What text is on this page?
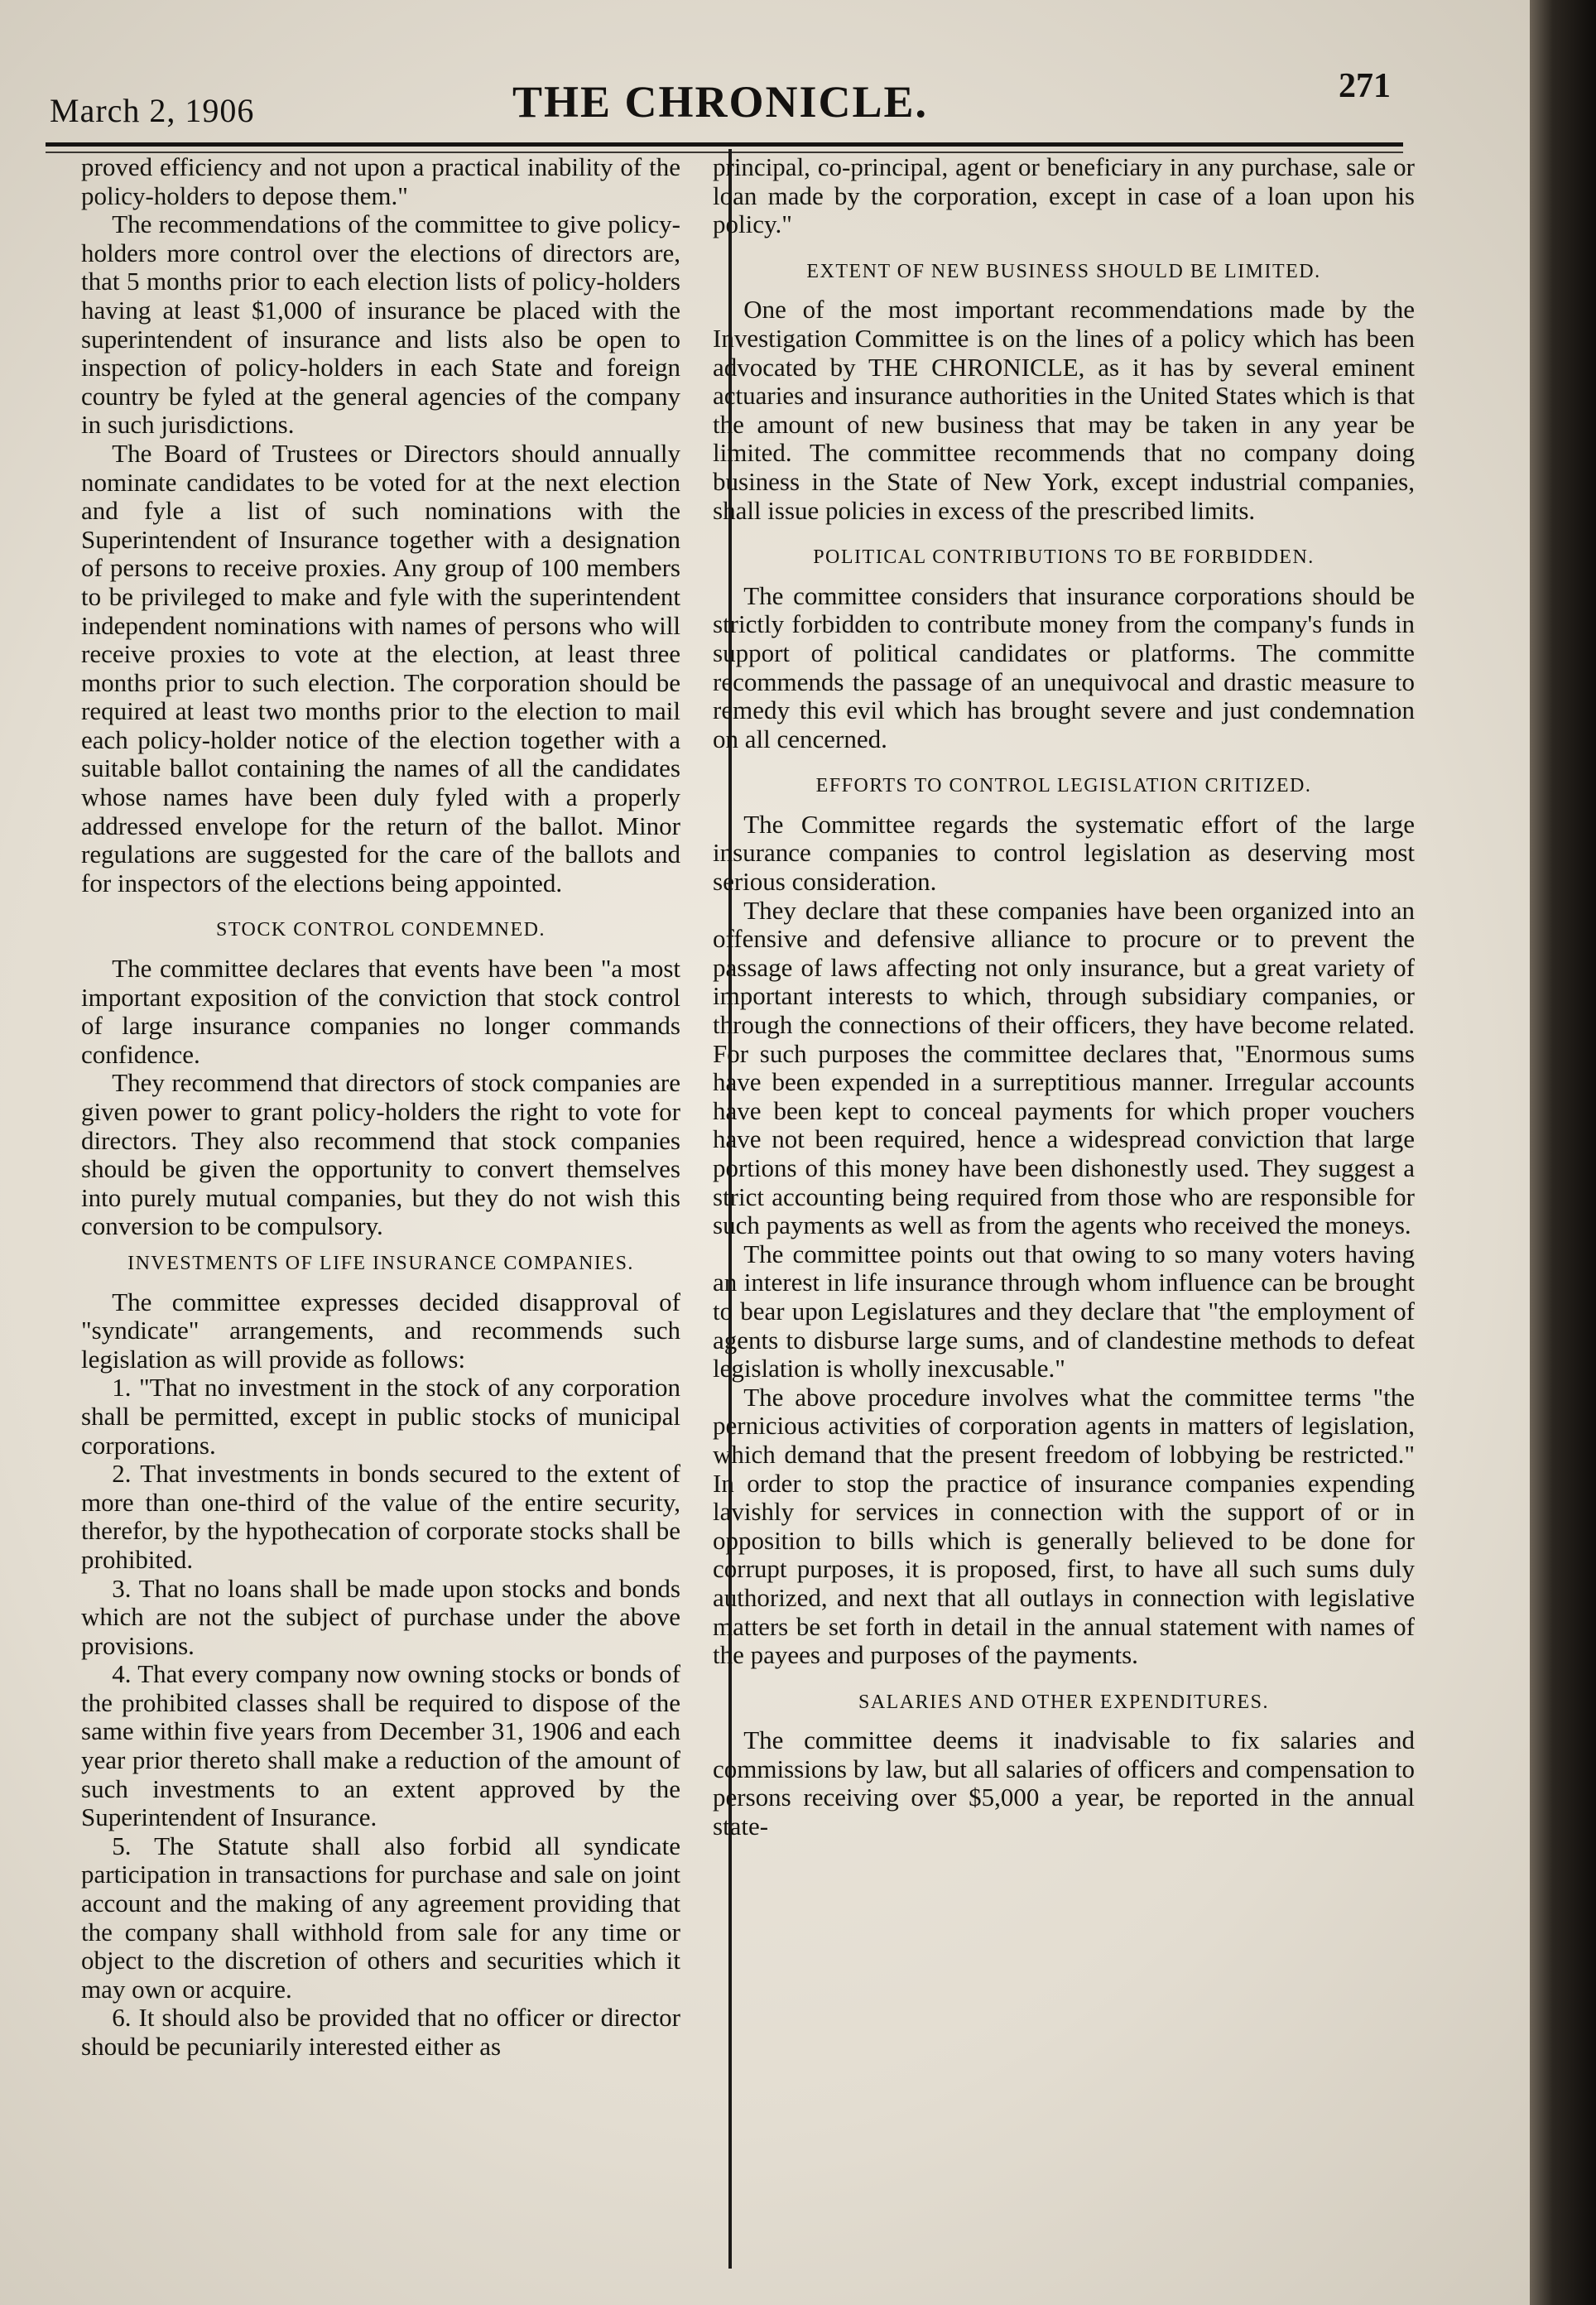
March 2, 1906	THE CHRONICLE.	271

proved efficiency and not upon a practical inability of the policy-holders to depose them."

The recommendations of the committee to give policy-holders more control over the elections of directors are, that 5 months prior to each election lists of policy-holders having at least $1,000 of insurance be placed with the superintendent of insurance and lists also be open to inspection of policy-holders in each State and foreign country be fyled at the general agencies of the company in such jurisdictions.

The Board of Trustees or Directors should annually nominate candidates to be voted for at the next election and fyle a list of such nominations with the Superintendent of Insurance together with a designation of persons to receive proxies. Any group of 100 members to be privileged to make and fyle with the superintendent independent nominations with names of persons who will receive proxies to vote at the election, at least three months prior to such election. The corporation should be required at least two months prior to the election to mail each policy-holder notice of the election together with a suitable ballot containing the names of all the candidates whose names have been duly fyled with a properly addressed envelope for the return of the ballot. Minor regulations are suggested for the care of the ballots and for inspectors of the elections being appointed.

STOCK CONTROL CONDEMNED.

The committee declares that events have been "a most important exposition of the conviction that stock control of large insurance companies no longer commands confidence.

They recommend that directors of stock companies are given power to grant policy-holders the right to vote for directors. They also recommend that stock companies should be given the opportunity to convert themselves into purely mutual companies, but they do not wish this conversion to be compulsory.

INVESTMENTS OF LIFE INSURANCE COMPANIES.

The committee expresses decided disapproval of "syndicate" arrangements, and recommends such legislation as will provide as follows:

1. "That no investment in the stock of any corporation shall be permitted, except in public stocks of municipal corporations.

2. That investments in bonds secured to the extent of more than one-third of the value of the entire security, therefor, by the hypothecation of corporate stocks shall be prohibited.

3. That no loans shall be made upon stocks and bonds which are not the subject of purchase under the above provisions.

4. That every company now owning stocks or bonds of the prohibited classes shall be required to dispose of the same within five years from December 31, 1906 and each year prior thereto shall make a reduction of the amount of such investments to an extent approved by the Superintendent of Insurance.

5. The Statute shall also forbid all syndicate participation in transactions for purchase and sale on joint account and the making of any agreement providing that the company shall withhold from sale for any time or object to the discretion of others and securities which it may own or acquire.

6. It should also be provided that no officer or director should be pecuniarily interested either as

principal, co-principal, agent or beneficiary in any purchase, sale or loan made by the corporation, except in case of a loan upon his policy."

EXTENT OF NEW BUSINESS SHOULD BE LIMITED.

One of the most important recommendations made by the Investigation Committee is on the lines of a policy which has been advocated by THE CHRONICLE, as it has by several eminent actuaries and insurance authorities in the United States which is that the amount of new business that may be taken in any year be limited. The committee recommends that no company doing business in the State of New York, except industrial companies, shall issue policies in excess of the prescribed limits.

POLITICAL CONTRIBUTIONS TO BE FORBIDDEN.

The committee considers that insurance corporations should be strictly forbidden to contribute money from the company's funds in support of political candidates or platforms. The committe recommends the passage of an unequivocal and drastic measure to remedy this evil which has brought severe and just condemnation on all cencerned.

EFFORTS TO CONTROL LEGISLATION CRITIZED.

The Committee regards the systematic effort of the large insurance companies to control legislation as deserving most serious consideration.

They declare that these companies have been organized into an offensive and defensive alliance to procure or to prevent the passage of laws affecting not only insurance, but a great variety of important interests to which, through subsidiary companies, or through the connections of their officers, they have become related. For such purposes the committee declares that, "Enormous sums have been expended in a surreptitious manner. Irregular accounts have been kept to conceal payments for which proper vouchers have not been required, hence a widespread conviction that large portions of this money have been dishonestly used. They suggest a strict accounting being required from those who are responsible for such payments as well as from the agents who received the moneys.

The committee points out that owing to so many voters having an interest in life insurance through whom influence can be brought to bear upon Legislatures and they declare that "the employment of agents to disburse large sums, and of clandestine methods to defeat legislation is wholly inexcusable."

The above procedure involves what the committee terms "the pernicious activities of corporation agents in matters of legislation, which demand that the present freedom of lobbying be restricted." In order to stop the practice of insurance companies expending lavishly for services in connection with the support of or in opposition to bills which is generally believed to be done for corrupt purposes, it is proposed, first, to have all such sums duly authorized, and next that all outlays in connection with legislative matters be set forth in detail in the annual statement with names of the payees and purposes of the payments.

SALARIES AND OTHER EXPENDITURES.

The committee deems it inadvisable to fix salaries and commissions by law, but all salaries of officers and compensation to persons receiving over $5,000 a year, be reported in the annual state-
